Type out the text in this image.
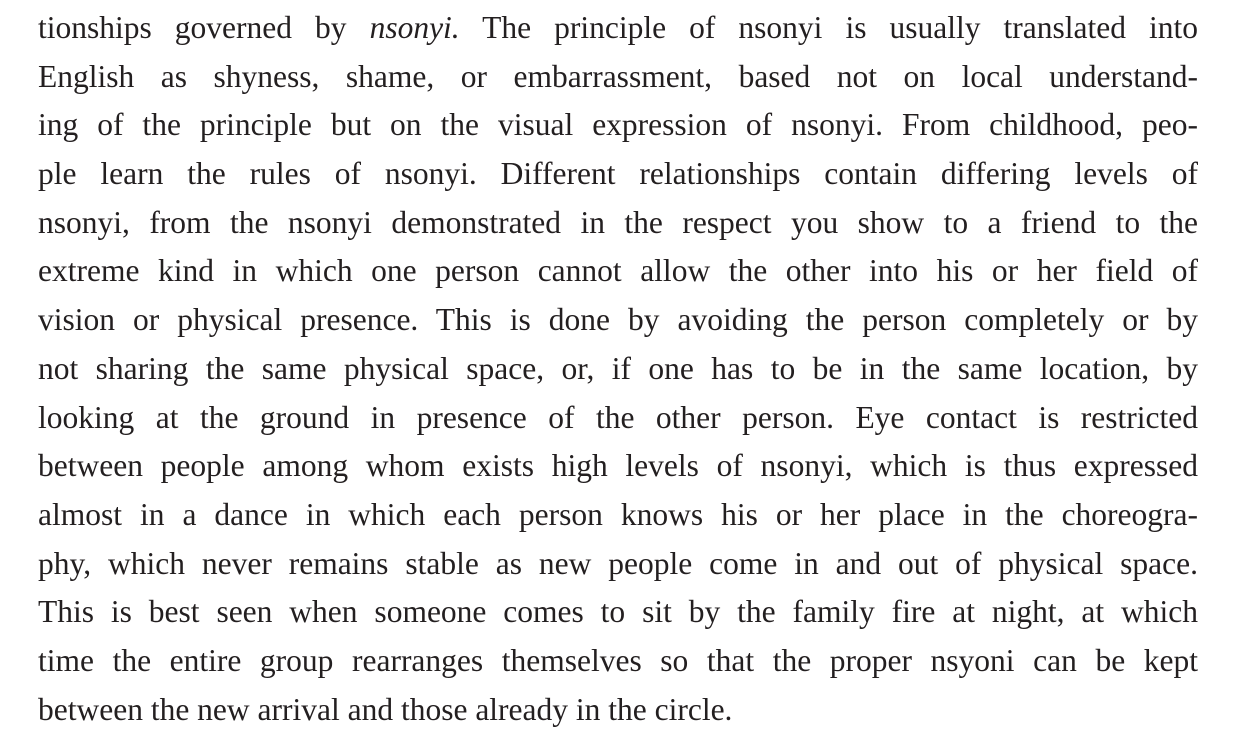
tionships governed by nsonyi. The principle of nsonyi is usually translated into
English as shyness, shame, or embarrassment, based not on local understand-
ing of the principle but on the visual expression of nsonyi. From childhood, peo-
ple learn the rules of nsonyi. Different relationships contain differing levels of
nsonyi, from the nsonyi demonstrated in the respect you show to a friend to the
extreme kind in which one person cannot allow the other into his or her field of
vision or physical presence. This is done by avoiding the person completely or by
not sharing the same physical space, or, if one has to be in the same location, by
looking at the ground in presence of the other person. Eye contact is restricted
between people among whom exists high levels of nsonyi, which is thus expressed
almost in a dance in which each person knows his or her place in the choreogra-
phy, which never remains stable as new people come in and out of physical space.
This is best seen when someone comes to sit by the family fire at night, at which
time the entire group rearranges themselves so that the proper nsyoni can be kept
between the new arrival and those already in the circle.
